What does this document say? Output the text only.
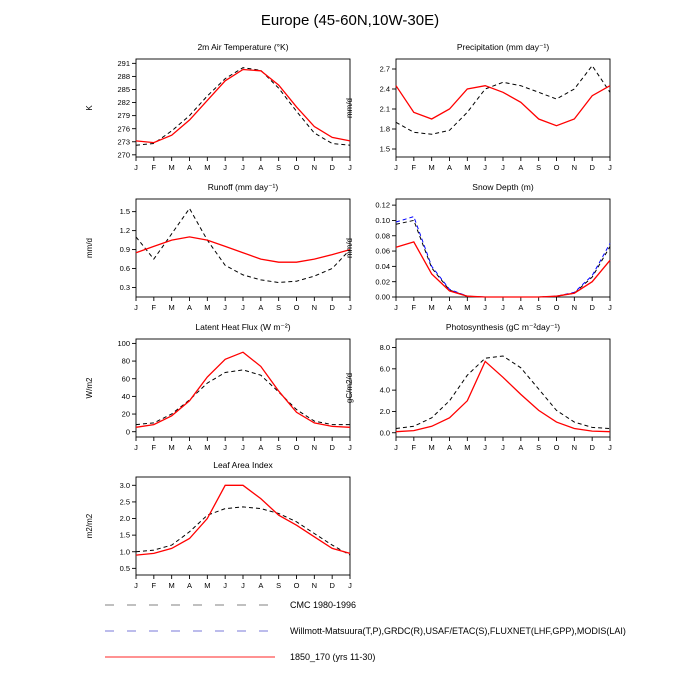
Europe (45-60N,10W-30E)
2m Air Temperature (°K)
K
270
273
276
279
282
285
288
291
J F M A M J J A S O N D J
Precipitation (mm day⁻¹)
mm/d
1.5
1.8
2.1
2.4
2.7
J F M A M J J A S O N D J
Runoff (mm day⁻¹)
mm/d
0.3
0.6
0.9
1.2
1.5
J F M A M J J A S O N D J
Snow Depth (m)
mm/d
0.00
0.02
0.04
0.06
0.08
0.10
0.12
J F M A M J J A S O N D J
Latent Heat Flux (W m⁻²)
W/m2
0
20
40
60
80
100
J F M A M J J A S O N D J
Photosynthesis (gC m⁻²day⁻¹)
gC/m2/d
0.0
2.0
4.0
6.0
8.0
J F M A M J J A S O N D J
Leaf Area Index
m2/m2
0.5
1.0
1.5
2.0
2.5
3.0
J F M A M J J A S O N D J
CMC 1980-1996
Willmott-Matsuura(T,P),GRDC(R),USAF/ETAC(S),FLUXNET(LHF,GPP),MODIS(LAI)
1850_170 (yrs 11-30)
